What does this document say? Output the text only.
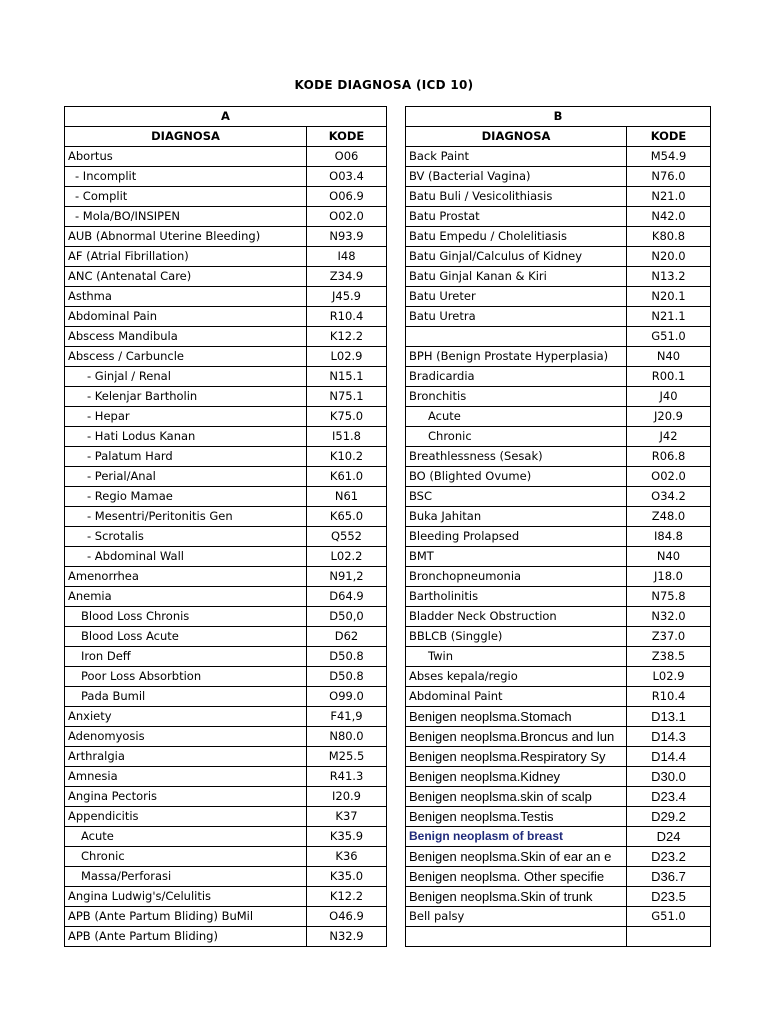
KODE DIAGNOSA (ICD 10)
A	
DIAGNOSA	KODE
Abortus	O06
- Incomplit	O03.4
- Complit	O06.9
- Mola/BO/INSIPEN	O02.0
AUB (Abnormal Uterine Bleeding)	N93.9
AF (Atrial Fibrillation)	I48
ANC (Antenatal Care)	Z34.9
Asthma	J45.9
Abdominal Pain	R10.4
Abscess Mandibula	K12.2
Abscess / Carbuncle	L02.9
- Ginjal / Renal	N15.1
- Kelenjar Bartholin	N75.1
- Hepar	K75.0
- Hati Lodus Kanan	I51.8
- Palatum Hard	K10.2
- Perial/Anal	K61.0
- Regio Mamae	N61
- Mesentri/Peritonitis Gen	K65.0
- Scrotalis	Q552
- Abdominal Wall	L02.2
Amenorrhea	N91,2
Anemia	D64.9
Blood Loss Chronis	D50,0
Blood Loss Acute	D62
Iron Deff	D50.8
Poor Loss Absorbtion	D50.8
Pada Bumil	O99.0
Anxiety	F41,9
Adenomyosis	N80.0
Arthralgia	M25.5
Amnesia	R41.3
Angina Pectoris	I20.9
Appendicitis	K37
Acute	K35.9
Chronic	K36
Massa/Perforasi	K35.0
Angina Ludwig's/Celulitis	K12.2
APB (Ante Partum Bliding) BuMil	O46.9
APB (Ante Partum Bliding)	N32.9
B	
DIAGNOSA	KODE
Back Paint	M54.9
BV (Bacterial Vagina)	N76.0
Batu Buli / Vesicolithiasis	N21.0
Batu Prostat	N42.0
Batu Empedu / Cholelitiasis	K80.8
Batu Ginjal/Calculus of Kidney	N20.0
Batu Ginjal Kanan & Kiri	N13.2
Batu Ureter	N20.1
Batu Uretra	N21.1
	G51.0
BPH (Benign Prostate Hyperplasia)	N40
Bradicardia	R00.1
Bronchitis	J40
Acute	J20.9
Chronic	J42
Breathlessness (Sesak)	R06.8
BO (Blighted Ovume)	O02.0
BSC	O34.2
Buka Jahitan	Z48.0
Bleeding Prolapsed	I84.8
BMT	N40
Bronchopneumonia	J18.0
Bartholinitis	N75.8
Bladder Neck Obstruction	N32.0
BBLCB (Singgle)	Z37.0
Twin	Z38.5
Abses kepala/regio	L02.9
Abdominal Paint	R10.4
Benigen neoplsma.Stomach	D13.1
Benigen neoplsma.Broncus and lun	D14.3
Benigen neoplsma.Respiratory Sy	D14.4
Benigen neoplsma.Kidney	D30.0
Benigen neoplsma.skin of scalp	D23.4
Benigen neoplsma.Testis	D29.2
Benign neoplasm of breast	D24
Benigen neoplsma.Skin of ear an e	D23.2
Benigen neoplsma. Other specifie	D36.7
Benigen neoplsma.Skin of trunk	D23.5
Bell palsy	G51.0
